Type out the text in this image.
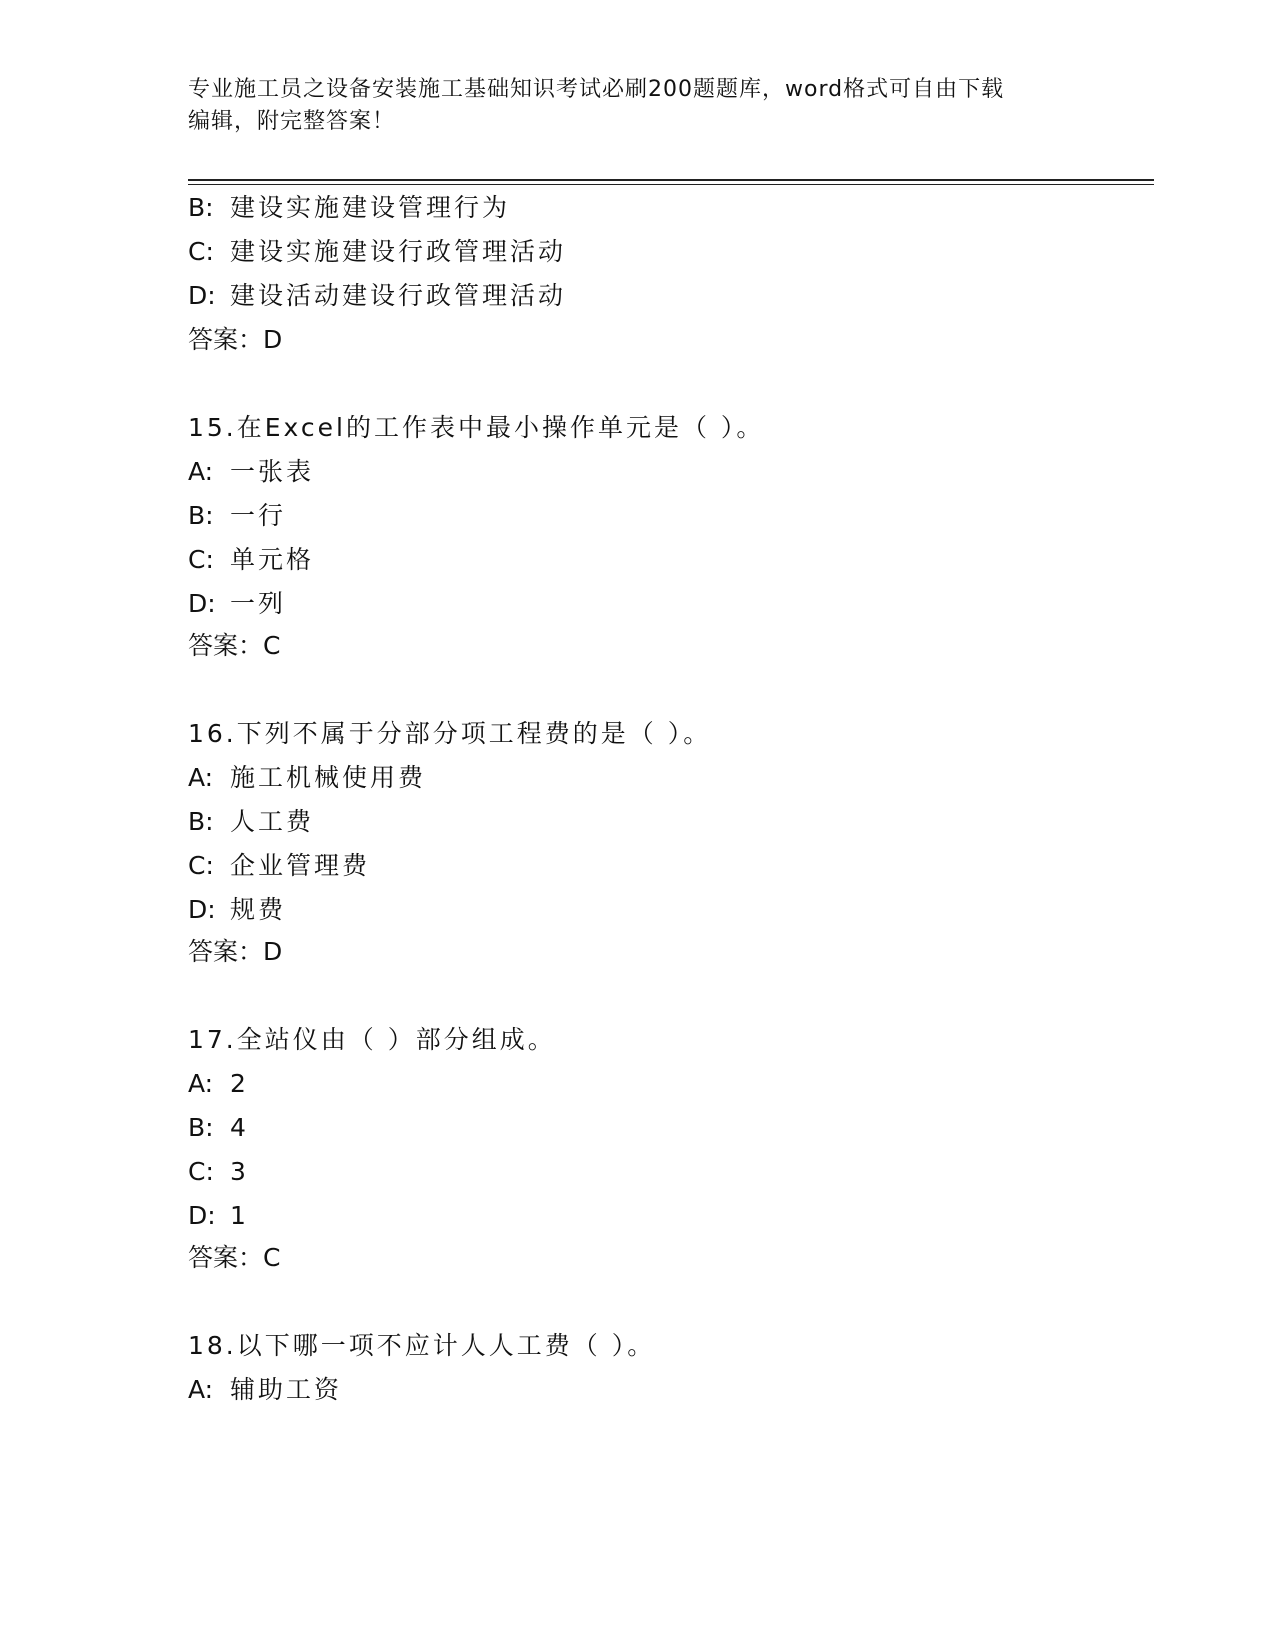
专业施工员之设备安装施工基础知识考试必刷200题题库，word格式可自由下载
编辑，附完整答案！
B: 建设实施建设管理行为
C: 建设实施建设行政管理活动
D: 建设活动建设行政管理活动
答案：D
15.在Excel的工作表中最小操作单元是（ ）。
A: 一张表
B: 一行
C: 单元格
D: 一列
答案：C
16.下列不属于分部分项工程费的是（ ）。
A: 施工机械使用费
B: 人工费
C: 企业管理费
D: 规费
答案：D
17.全站仪由（ ）部分组成。
A: 2
B: 4
C: 3
D: 1
答案：C
18.以下哪一项不应计人人工费（ ）。
A: 辅助工资
